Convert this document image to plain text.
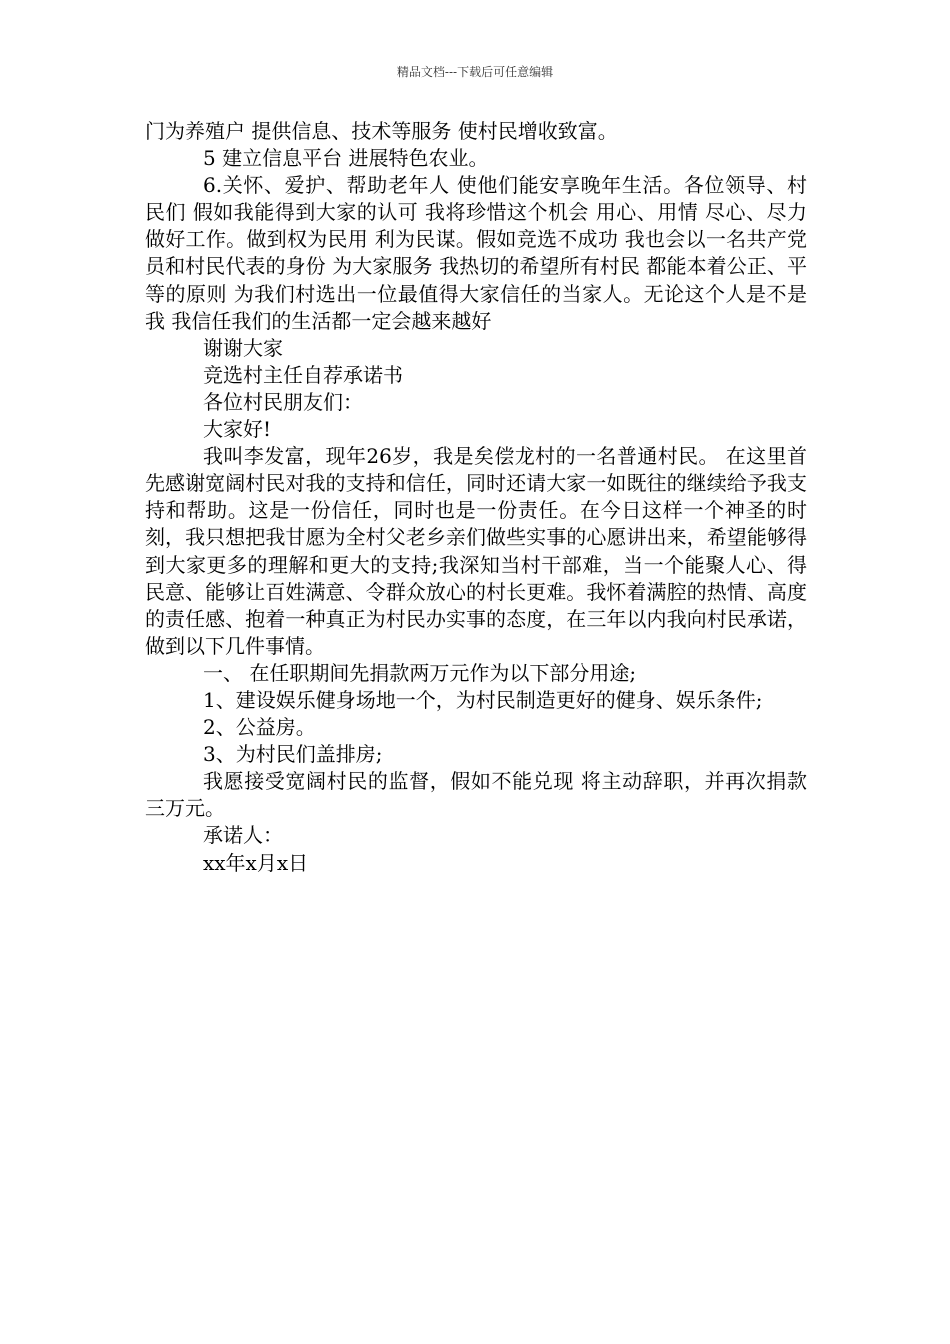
精品文档---下载后可任意编辑

门为养殖户 提供信息、技术等服务 使村民增收致富。

5 建立信息平台 进展特色农业。

6.关怀、爱护、帮助老年人 使他们能安享晚年生活。各位领导、村民们 假如我能得到大家的认可 我将珍惜这个机会 用心、用情 尽心、尽力做好工作。做到权为民用 利为民谋。假如竞选不成功 我也会以一名共产党员和村民代表的身份 为大家服务 我热切的希望所有村民 都能本着公正、平等的原则 为我们村选出一位最值得大家信任的当家人。无论这个人是不是我 我信任我们的生活都一定会越来越好

谢谢大家

竞选村主任自荐承诺书

各位村民朋友们：

大家好!

我叫李发富，现年26岁，我是矣偿龙村的一名普通村民。 在这里首先感谢宽阔村民对我的支持和信任，同时还请大家一如既往的继续给予我支持和帮助。这是一份信任，同时也是一份责任。在今日这样一个神圣的时刻，我只想把我甘愿为全村父老乡亲们做些实事的心愿讲出来，希望能够得到大家更多的理解和更大的支持;我深知当村干部难，当一个能聚人心、得民意、能够让百姓满意、令群众放心的村长更难。我怀着满腔的热情、高度的责任感、抱着一种真正为村民办实事的态度，在三年以内我向村民承诺，做到以下几件事情。

一、 在任职期间先捐款两万元作为以下部分用途;

1、建设娱乐健身场地一个，为村民制造更好的健身、娱乐条件;

2、公益房。

3、为村民们盖排房;

我愿接受宽阔村民的监督，假如不能兑现 将主动辞职，并再次捐款三万元。

承诺人：

xx年x月x日
